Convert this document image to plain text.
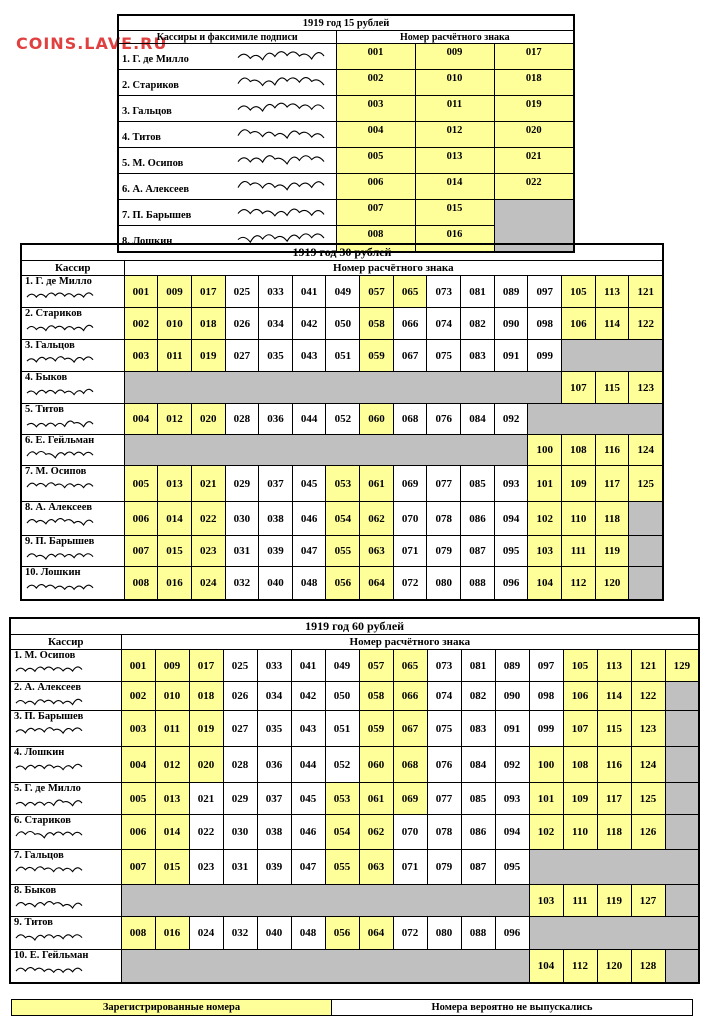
COINS.LAVE.RU
1919 год 15 рублей			
Кассиры и факсимиле подписи	Номер расчётного знака		
1. Г. де Милло	001	009	017
2. Стариков	002	010	018
3. Гальцов	003	011	019
4. Титов	004	012	020
5. М. Осипов	005	013	021
6. А. Алексеев	006	014	022
7. П. Барышев	007	015	
8. Лошкин	008	016	
1919 год 30 рублей																
Кассир	Номер расчётного знака															

1. Г. де Милло	001	009	017	025	033	041	049	057	065	073	081	089	097	105	113	121

2. Стариков	002	010	018	026	034	042	050	058	066	074	082	090	098	106	114	122

3. Гальцов	003	011	019	027	035	043	051	059	067	075	083	091	099			

4. Быков														107	115	123

5. Титов	004	012	020	028	036	044	052	060	068	076	084	092				

6. Е. Гейльман													100	108	116	124

7. М. Осипов	005	013	021	029	037	045	053	061	069	077	085	093	101	109	117	125

8. А. Алексеев	006	014	022	030	038	046	054	062	070	078	086	094	102	110	118	

9. П. Барышев	007	015	023	031	039	047	055	063	071	079	087	095	103	111	119	

10. Лошкин	008	016	024	032	040	048	056	064	072	080	088	096	104	112	120	
1919 год 60 рублей																	
Кассир	Номер расчётного знака																

1. М. Осипов	001	009	017	025	033	041	049	057	065	073	081	089	097	105	113	121	129

2. А. Алексеев	002	010	018	026	034	042	050	058	066	074	082	090	098	106	114	122	

3. П. Барышев	003	011	019	027	035	043	051	059	067	075	083	091	099	107	115	123	

4. Лошкин	004	012	020	028	036	044	052	060	068	076	084	092	100	108	116	124	

5. Г. де Милло	005	013	021	029	037	045	053	061	069	077	085	093	101	109	117	125	

6. Стариков	006	014	022	030	038	046	054	062	070	078	086	094	102	110	118	126	

7. Гальцов	007	015	023	031	039	047	055	063	071	079	087	095					

8. Быков													103	111	119	127	

9. Титов	008	016	024	032	040	048	056	064	072	080	088	096					

10. Е. Гейльман													104	112	120	128	
Зарегистрированные номера	Номера вероятно не выпускались
